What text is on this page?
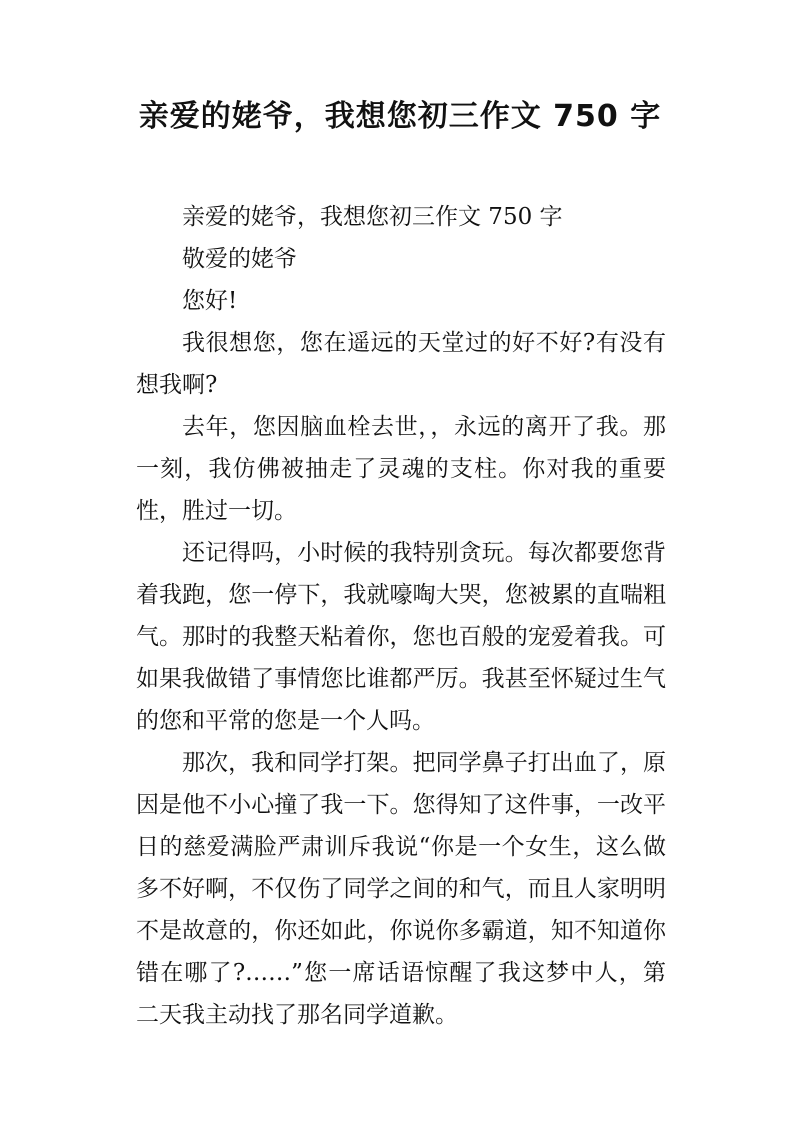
亲爱的姥爷，我想您初三作文 750 字

亲爱的姥爷，我想您初三作文 750 字

敬爱的姥爷

您好!

我很想您，您在遥远的天堂过的好不好?有没有想我啊?

去年，您因脑血栓去世，，永远的离开了我。那一刻，我仿佛被抽走了灵魂的支柱。你对我的重要性，胜过一切。

还记得吗，小时候的我特别贪玩。每次都要您背着我跑，您一停下，我就嚎啕大哭，您被累的直喘粗气。那时的我整天粘着你，您也百般的宠爱着我。可如果我做错了事情您比谁都严厉。我甚至怀疑过生气的您和平常的您是一个人吗。

那次，我和同学打架。把同学鼻子打出血了，原因是他不小心撞了我一下。您得知了这件事，一改平日的慈爱满脸严肃训斥我说“你是一个女生，这么做多不好啊，不仅伤了同学之间的和气，而且人家明明不是故意的，你还如此，你说你多霸道，知不知道你错在哪了?……”您一席话语惊醒了我这梦中人，第二天我主动找了那名同学道歉。
